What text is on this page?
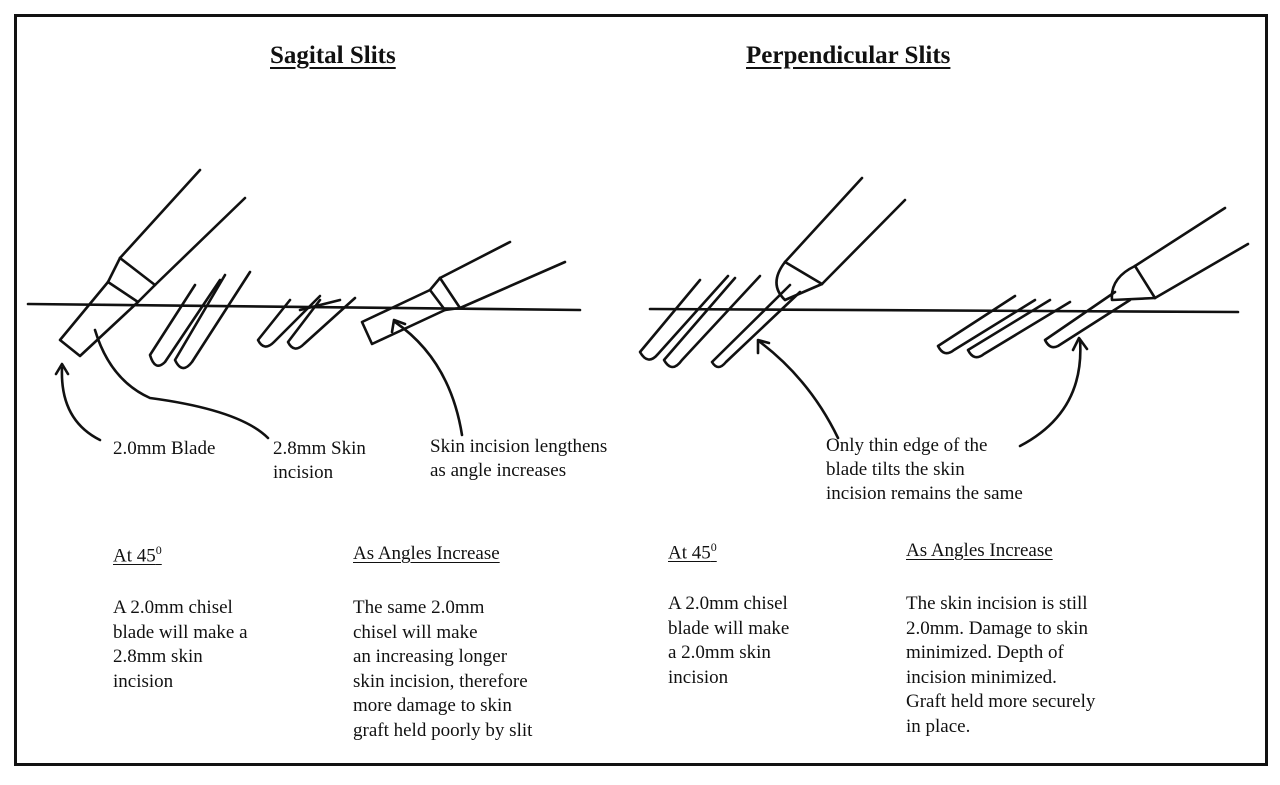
Sagital Slits	Perpendicular Slits
2.0mm Blade	2.8mm Skin
incision
Skin incision lengthens
as angle increases
Only thin edge of the
blade tilts the skin
incision remains the same
At $45^0$
A 2.0mm chisel
blade will make a
2.8mm skin
incision
As Angles Increase
The same 2.0mm
chisel will make
an increasing longer
skin incision, therefore
more damage to skin
graft held poorly by slit
At $45^0$
A 2.0mm chisel
blade will make
a 2.0mm skin
incision
As Angles Increase
The skin incision is still
2.0mm. Damage to skin
minimized. Depth of
incision minimized.
Graft held more securely
in place.
